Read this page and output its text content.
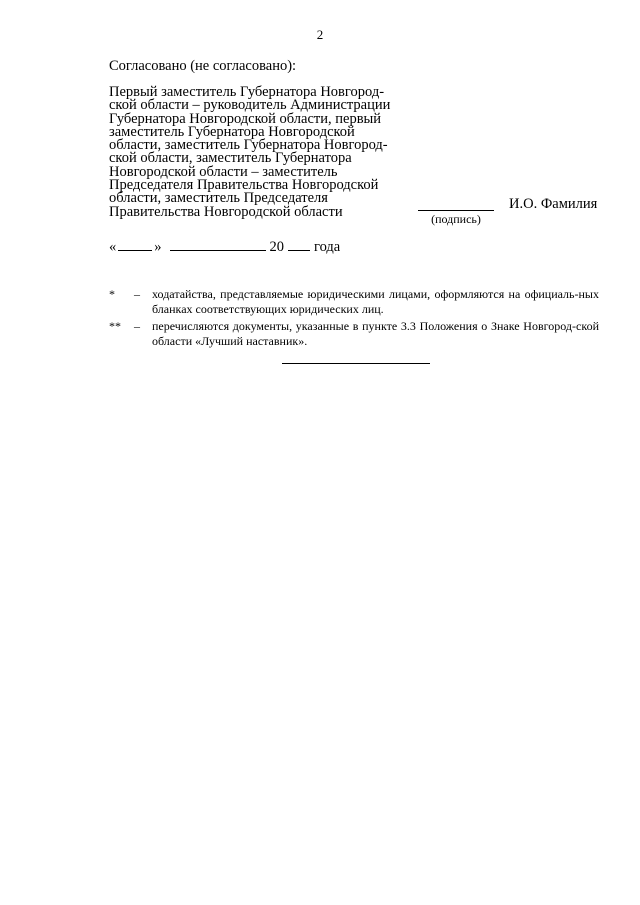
2
Согласовано (не согласовано):

Первый заместитель Губернатора Новгород-
ской области – руководитель Администрации
Губернатора Новгородской области, первый
заместитель Губернатора Новгородской
области, заместитель Губернатора Новгород-
ской области, заместитель Губернатора
Новгородской области – заместитель
Председателя Правительства Новгородской
области, заместитель Председателя
Правительства Новгородской области	(подпись)
И.О. Фамилия
«	»	20 года
* – ходатайства, представляемые юридическими лицами, оформляются на официаль-ных бланках соответствующих юридических лиц.
** – перечисляются документы, указанные в пункте 3.3 Положения о Знаке Новгород-ской области «Лучший наставник».
